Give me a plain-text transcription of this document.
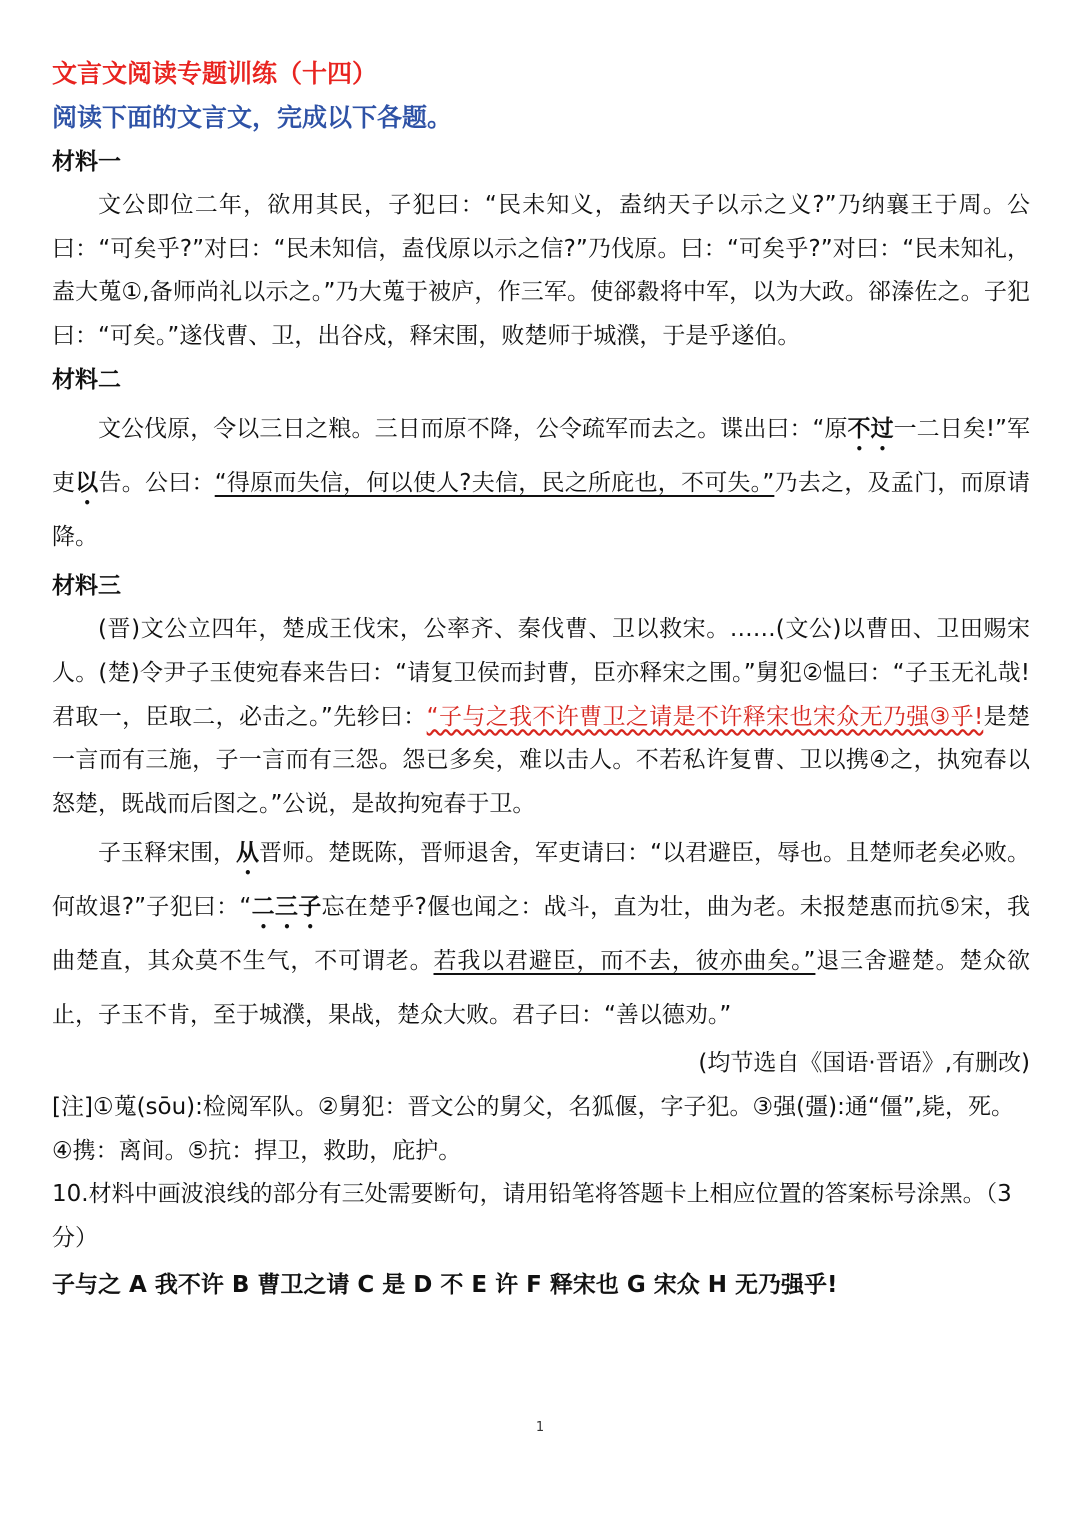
文言文阅读专题训练（十四）

阅读下面的文言文，完成以下各题。

材料一

文公即位二年，欲用其民，子犯曰：“民未知义，盍纳天子以示之义?”乃纳襄王于周。公曰：“可矣乎?”对曰：“民未知信，盍伐原以示之信?”乃伐原。曰：“可矣乎?”对曰：“民未知礼，盍大蒐①,备师尚礼以示之。”乃大蒐于被庐，作三军。使郤縠将中军，以为大政。郤溱佐之。子犯曰：“可矣。”遂伐曹、卫，出谷戍，释宋围，败楚师于城濮，于是乎遂伯。

材料二

文公伐原，令以三日之粮。三日而原不降，公令疏军而去之。谍出曰：“原不过一二日矣!”军吏以告。公曰：“得原而失信，何以使人?夫信，民之所庇也，不可失。”乃去之，及孟门，而原请降。

材料三

(晋)文公立四年，楚成王伐宋，公率齐、秦伐曹、卫以救宋。……(文公)以曹田、卫田赐宋人。(楚)令尹子玉使宛春来告曰：“请复卫侯而封曹，臣亦释宋之围。”舅犯②愠曰：“子玉无礼哉!君取一，臣取二，必击之。”先轸曰：“子与之我不许曹卫之请是不许释宋也宋众无乃强③乎!是楚一言而有三施，子一言而有三怨。怨已多矣，难以击人。不若私许复曹、卫以携④之，执宛春以怒楚，既战而后图之。”公说，是故拘宛春于卫。

子玉释宋围，从晋师。楚既陈，晋师退舍，军吏请曰：“以君避臣，辱也。且楚师老矣必败。何故退?”子犯曰：“二三子忘在楚乎?偃也闻之：战斗，直为壮，曲为老。未报楚惠而抗⑤宋，我曲楚直，其众莫不生气，不可谓老。若我以君避臣，而不去，彼亦曲矣。”退三舍避楚。楚众欲止，子玉不肯，至于城濮，果战，楚众大败。君子曰：“善以德劝。”

(均节选自《国语·晋语》,有删改)

[注]①蒐(sōu):检阅军队。②舅犯：晋文公的舅父，名狐偃，字子犯。③强(彊):通“僵”,毙，死。④携：离间。⑤抗：捍卫，救助，庇护。

10.材料中画波浪线的部分有三处需要断句，请用铅笔将答题卡上相应位置的答案标号涂黑。（3 分）

子与之 A 我不许 B 曹卫之请 C 是 D 不 E 许 F 释宋也 G 宋众 H 无乃强乎!

1
